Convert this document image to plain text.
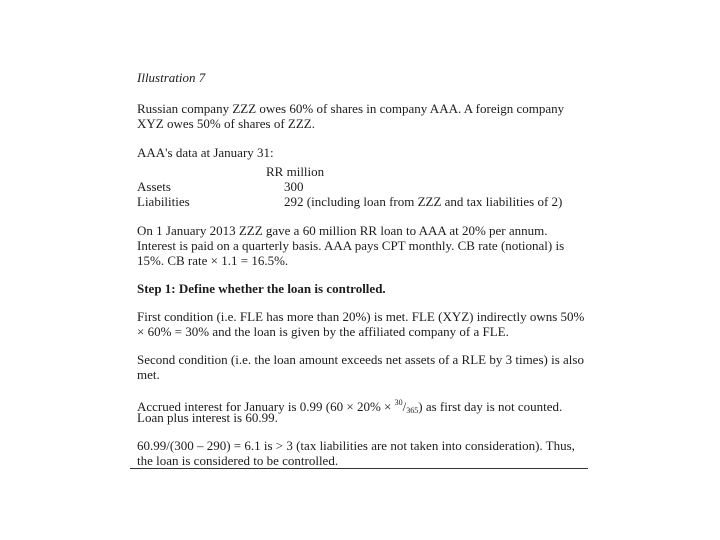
Illustration 7
Russian company ZZZ owes 60% of shares in company AAA. A foreign company
XYZ owes 50% of shares of ZZZ.
AAA's data at January 31:
RR million
Assets	300
Liabilities	292 (including loan from ZZZ and tax liabilities of 2)
On 1 January 2013 ZZZ gave a 60 million RR loan to AAA at 20% per annum.
Interest is paid on a quarterly basis. AAA pays CPT monthly. CB rate (notional) is
15%. CB rate × 1.1 = 16.5%.
Step 1: Define whether the loan is controlled.
First condition (i.e. FLE has more than 20%) is met. FLE (XYZ) indirectly owns 50%
× 60% = 30% and the loan is given by the affiliated company of a FLE.
Second condition (i.e. the loan amount exceeds net assets of a RLE by 3 times) is also
met.
Accrued interest for January is 0.99 $(60 \times 20\% \times ^{30}/_{365})$ as first day is not counted.
Loan plus interest is 60.99.
60.99/(300 – 290) = 6.1 is > 3 (tax liabilities are not taken into consideration). Thus,
the loan is considered to be controlled.
